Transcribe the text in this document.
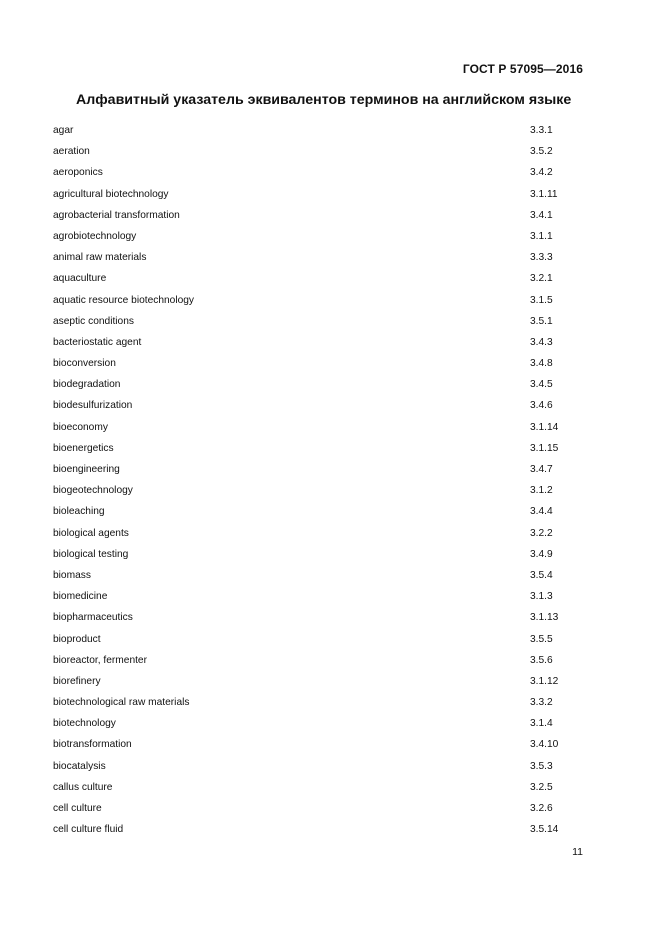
ГОСТ Р 57095—2016
Алфавитный указатель эквивалентов терминов на английском языке
agar	3.3.1
aeration	3.5.2
aeroponics	3.4.2
agricultural biotechnology	3.1.11
agrobacterial transformation	3.4.1
agrobiotechnology	3.1.1
animal raw materials	3.3.3
aquaculture	3.2.1
aquatic resource biotechnology	3.1.5
aseptic conditions	3.5.1
bacteriostatic agent	3.4.3
bioconversion	3.4.8
biodegradation	3.4.5
biodesulfurization	3.4.6
bioeconomy	3.1.14
bioenergetics	3.1.15
bioengineering	3.4.7
biogeotechnology	3.1.2
bioleaching	3.4.4
biological agents	3.2.2
biological testing	3.4.9
biomass	3.5.4
biomedicine	3.1.3
biopharmaceutics	3.1.13
bioproduct	3.5.5
bioreactor, fermenter	3.5.6
biorefinery	3.1.12
biotechnological raw materials	3.3.2
biotechnology	3.1.4
biotransformation	3.4.10
biocatalysis	3.5.3
callus culture	3.2.5
cell culture	3.2.6
cell culture fluid	3.5.14
11
